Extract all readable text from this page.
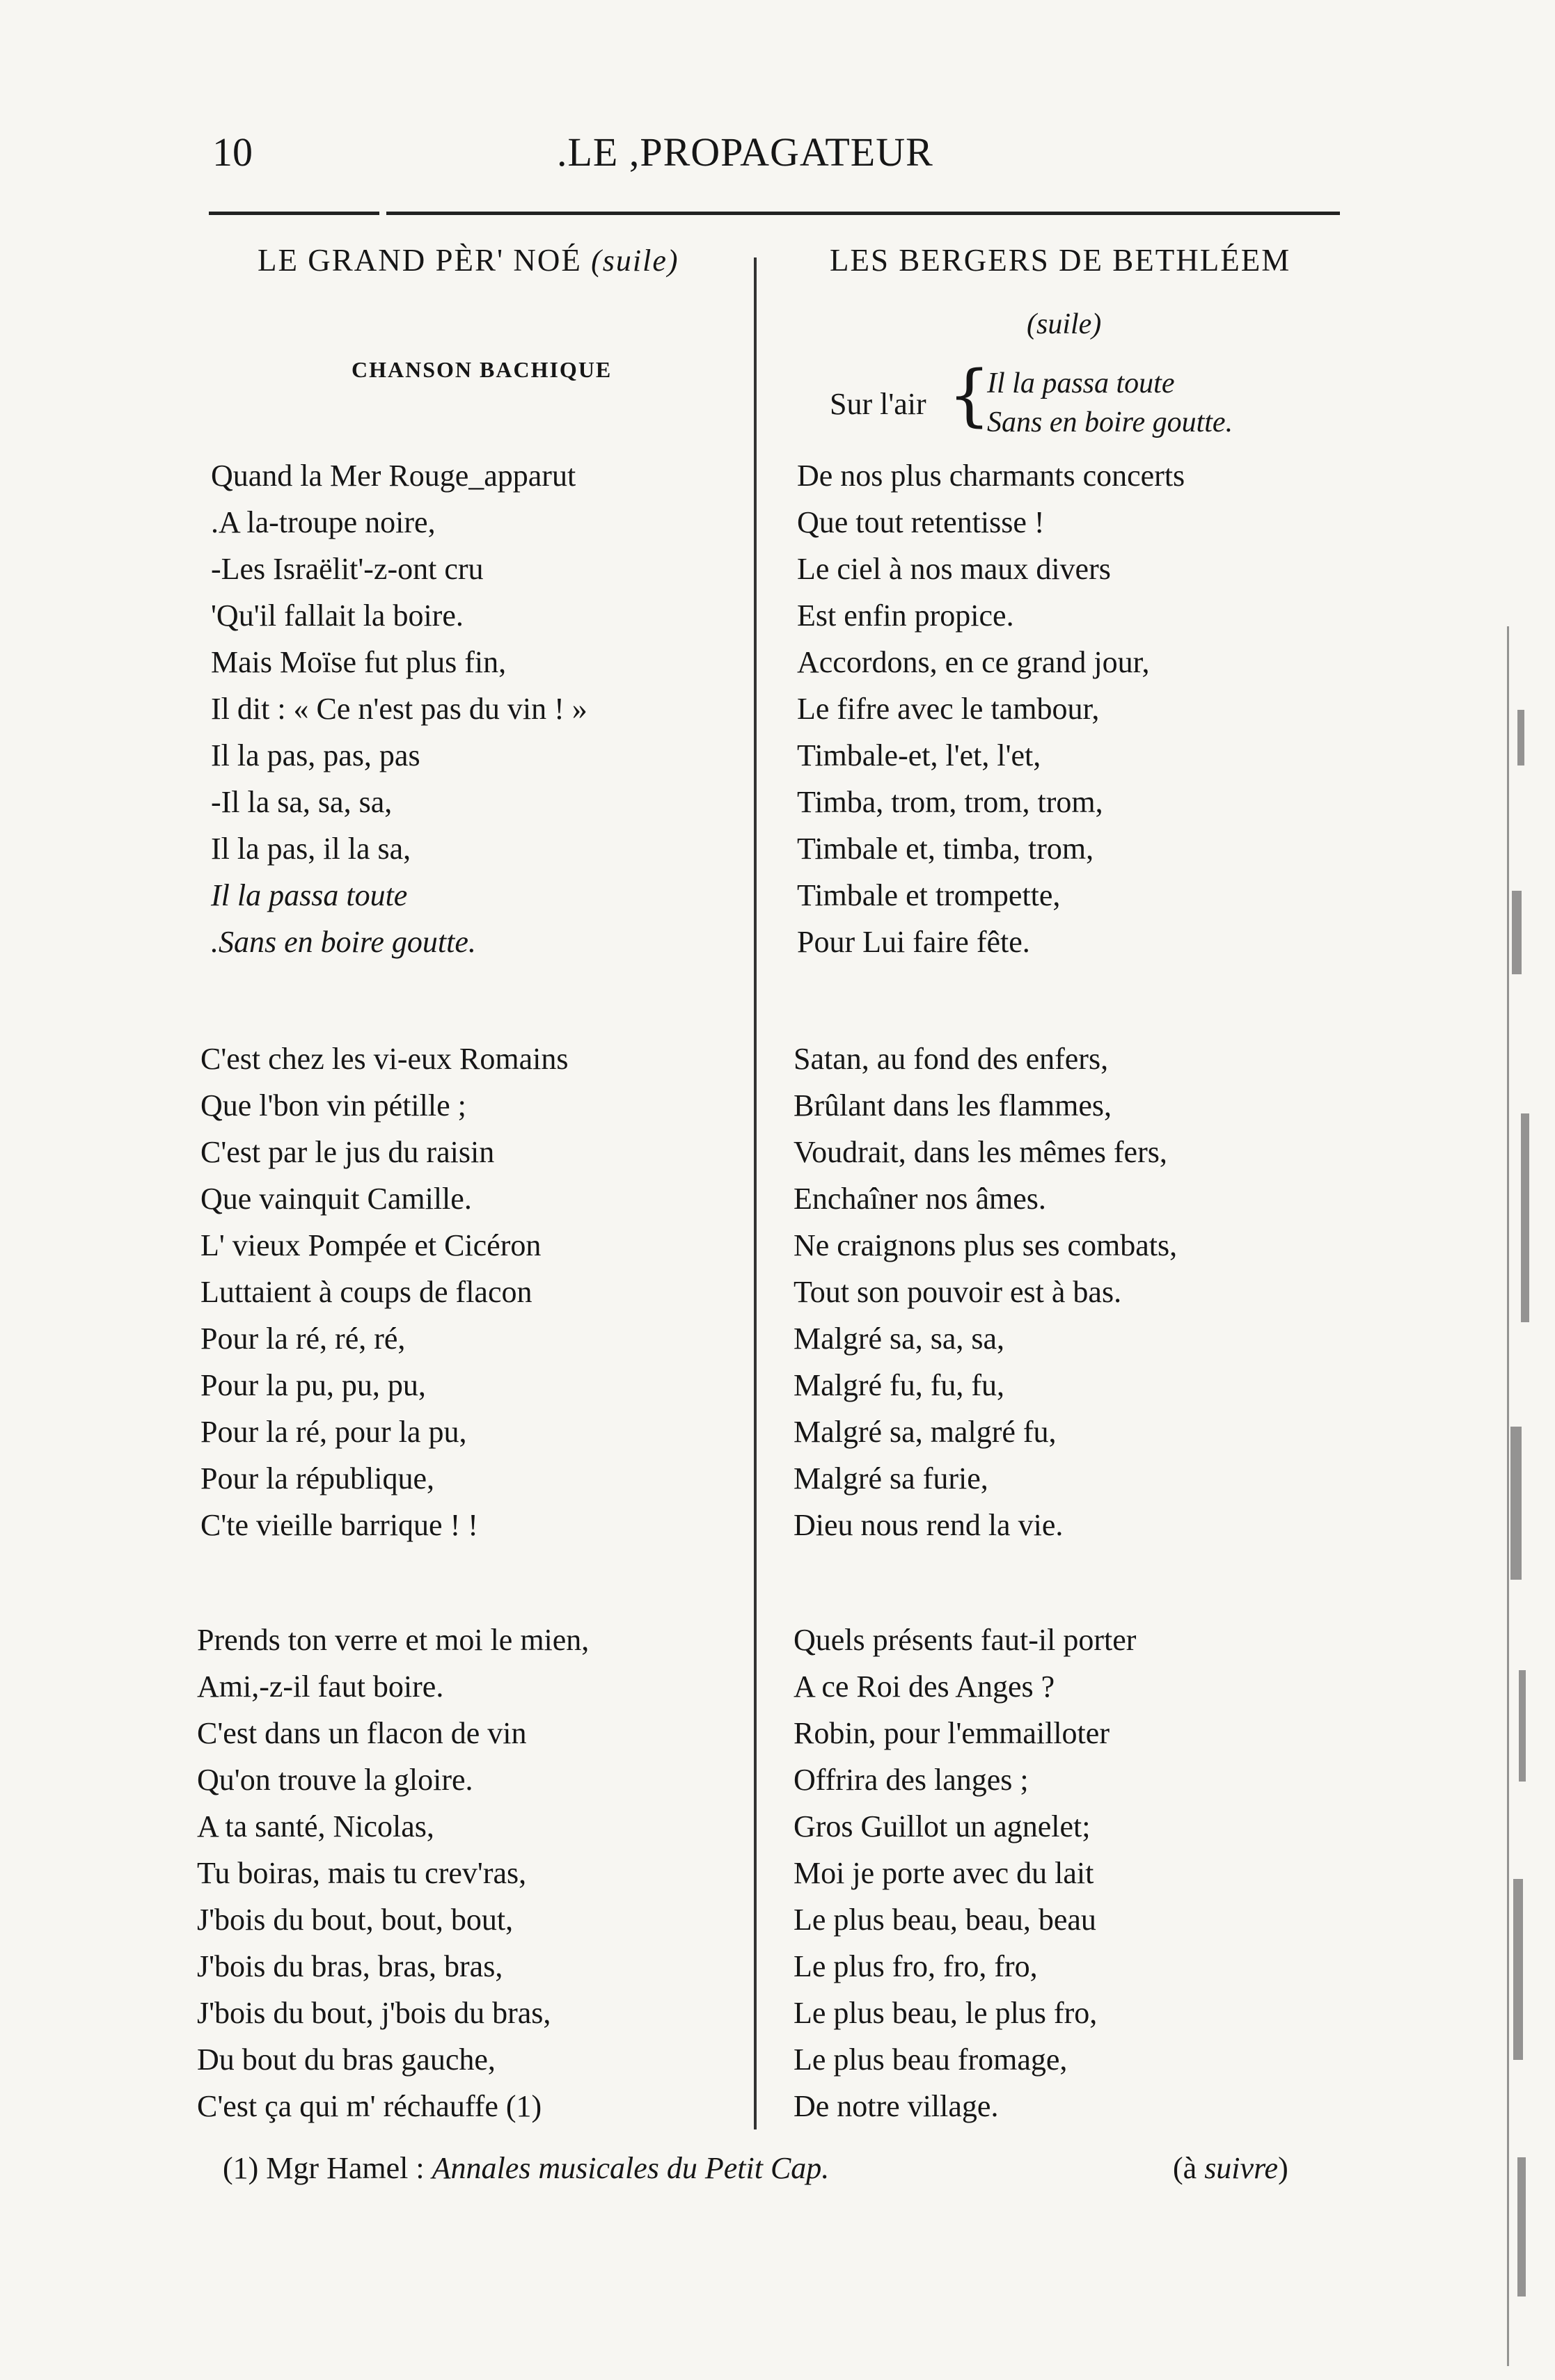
10	.LE ,PROPAGATEUR
LE GRAND PÈR' NOÉ (suile)
CHANSON BACHIQUE
LES BERGERS DE BETHLÉEM
(suile)
Sur l'air {
Il la passa toute
Sans en boire goutte.
Quand la Mer Rouge_apparut
.A la-troupe noire,
-Les Israëlit'-z-ont cru
'Qu'il fallait la boire.
Mais Moïse fut plus fin,
Il dit : « Ce n'est pas du vin ! »
Il la pas, pas, pas
-Il la sa, sa, sa,
Il la pas, il la sa,
Il la passa toute
.Sans en boire goutte.
C'est chez les vi-eux Romains
Que l'bon vin pétille ;
C'est par le jus du raisin
Que vainquit Camille.
L' vieux Pompée et Cicéron
Luttaient à coups de flacon
Pour la ré, ré, ré,
Pour la pu, pu, pu,
Pour la ré, pour la pu,
Pour la république,
C'te vieille barrique ! !
Prends ton verre et moi le mien,
Ami,-z-il faut boire.
C'est dans un flacon de vin
Qu'on trouve la gloire.
A ta santé, Nicolas,
Tu boiras, mais tu crev'ras,
J'bois du bout, bout, bout,
J'bois du bras, bras, bras,
J'bois du bout, j'bois du bras,
Du bout du bras gauche,
C'est ça qui m' réchauffe (1)
De nos plus charmants concerts
Que tout retentisse !
Le ciel à nos maux divers
Est enfin propice.
Accordons, en ce grand jour,
Le fifre avec le tambour,
Timbale-et, l'et, l'et,
Timba, trom, trom, trom,
Timbale et, timba, trom,
Timbale et trompette,
Pour Lui faire fête.
Satan, au fond des enfers,
Brûlant dans les flammes,
Voudrait, dans les mêmes fers,
Enchaîner nos âmes.
Ne craignons plus ses combats,
Tout son pouvoir est à bas.
Malgré sa, sa, sa,
Malgré fu, fu, fu,
Malgré sa, malgré fu,
Malgré sa furie,
Dieu nous rend la vie.
Quels présents faut-il porter
A ce Roi des Anges ?
Robin, pour l'emmailloter
Offrira des langes ;
Gros Guillot un agnelet;
Moi je porte avec du lait
Le plus beau, beau, beau
Le plus fro, fro, fro,
Le plus beau, le plus fro,
Le plus beau fromage,
De notre village.
(1) Mgr Hamel : Annales musicales du Petit Cap.	(à suivre)
